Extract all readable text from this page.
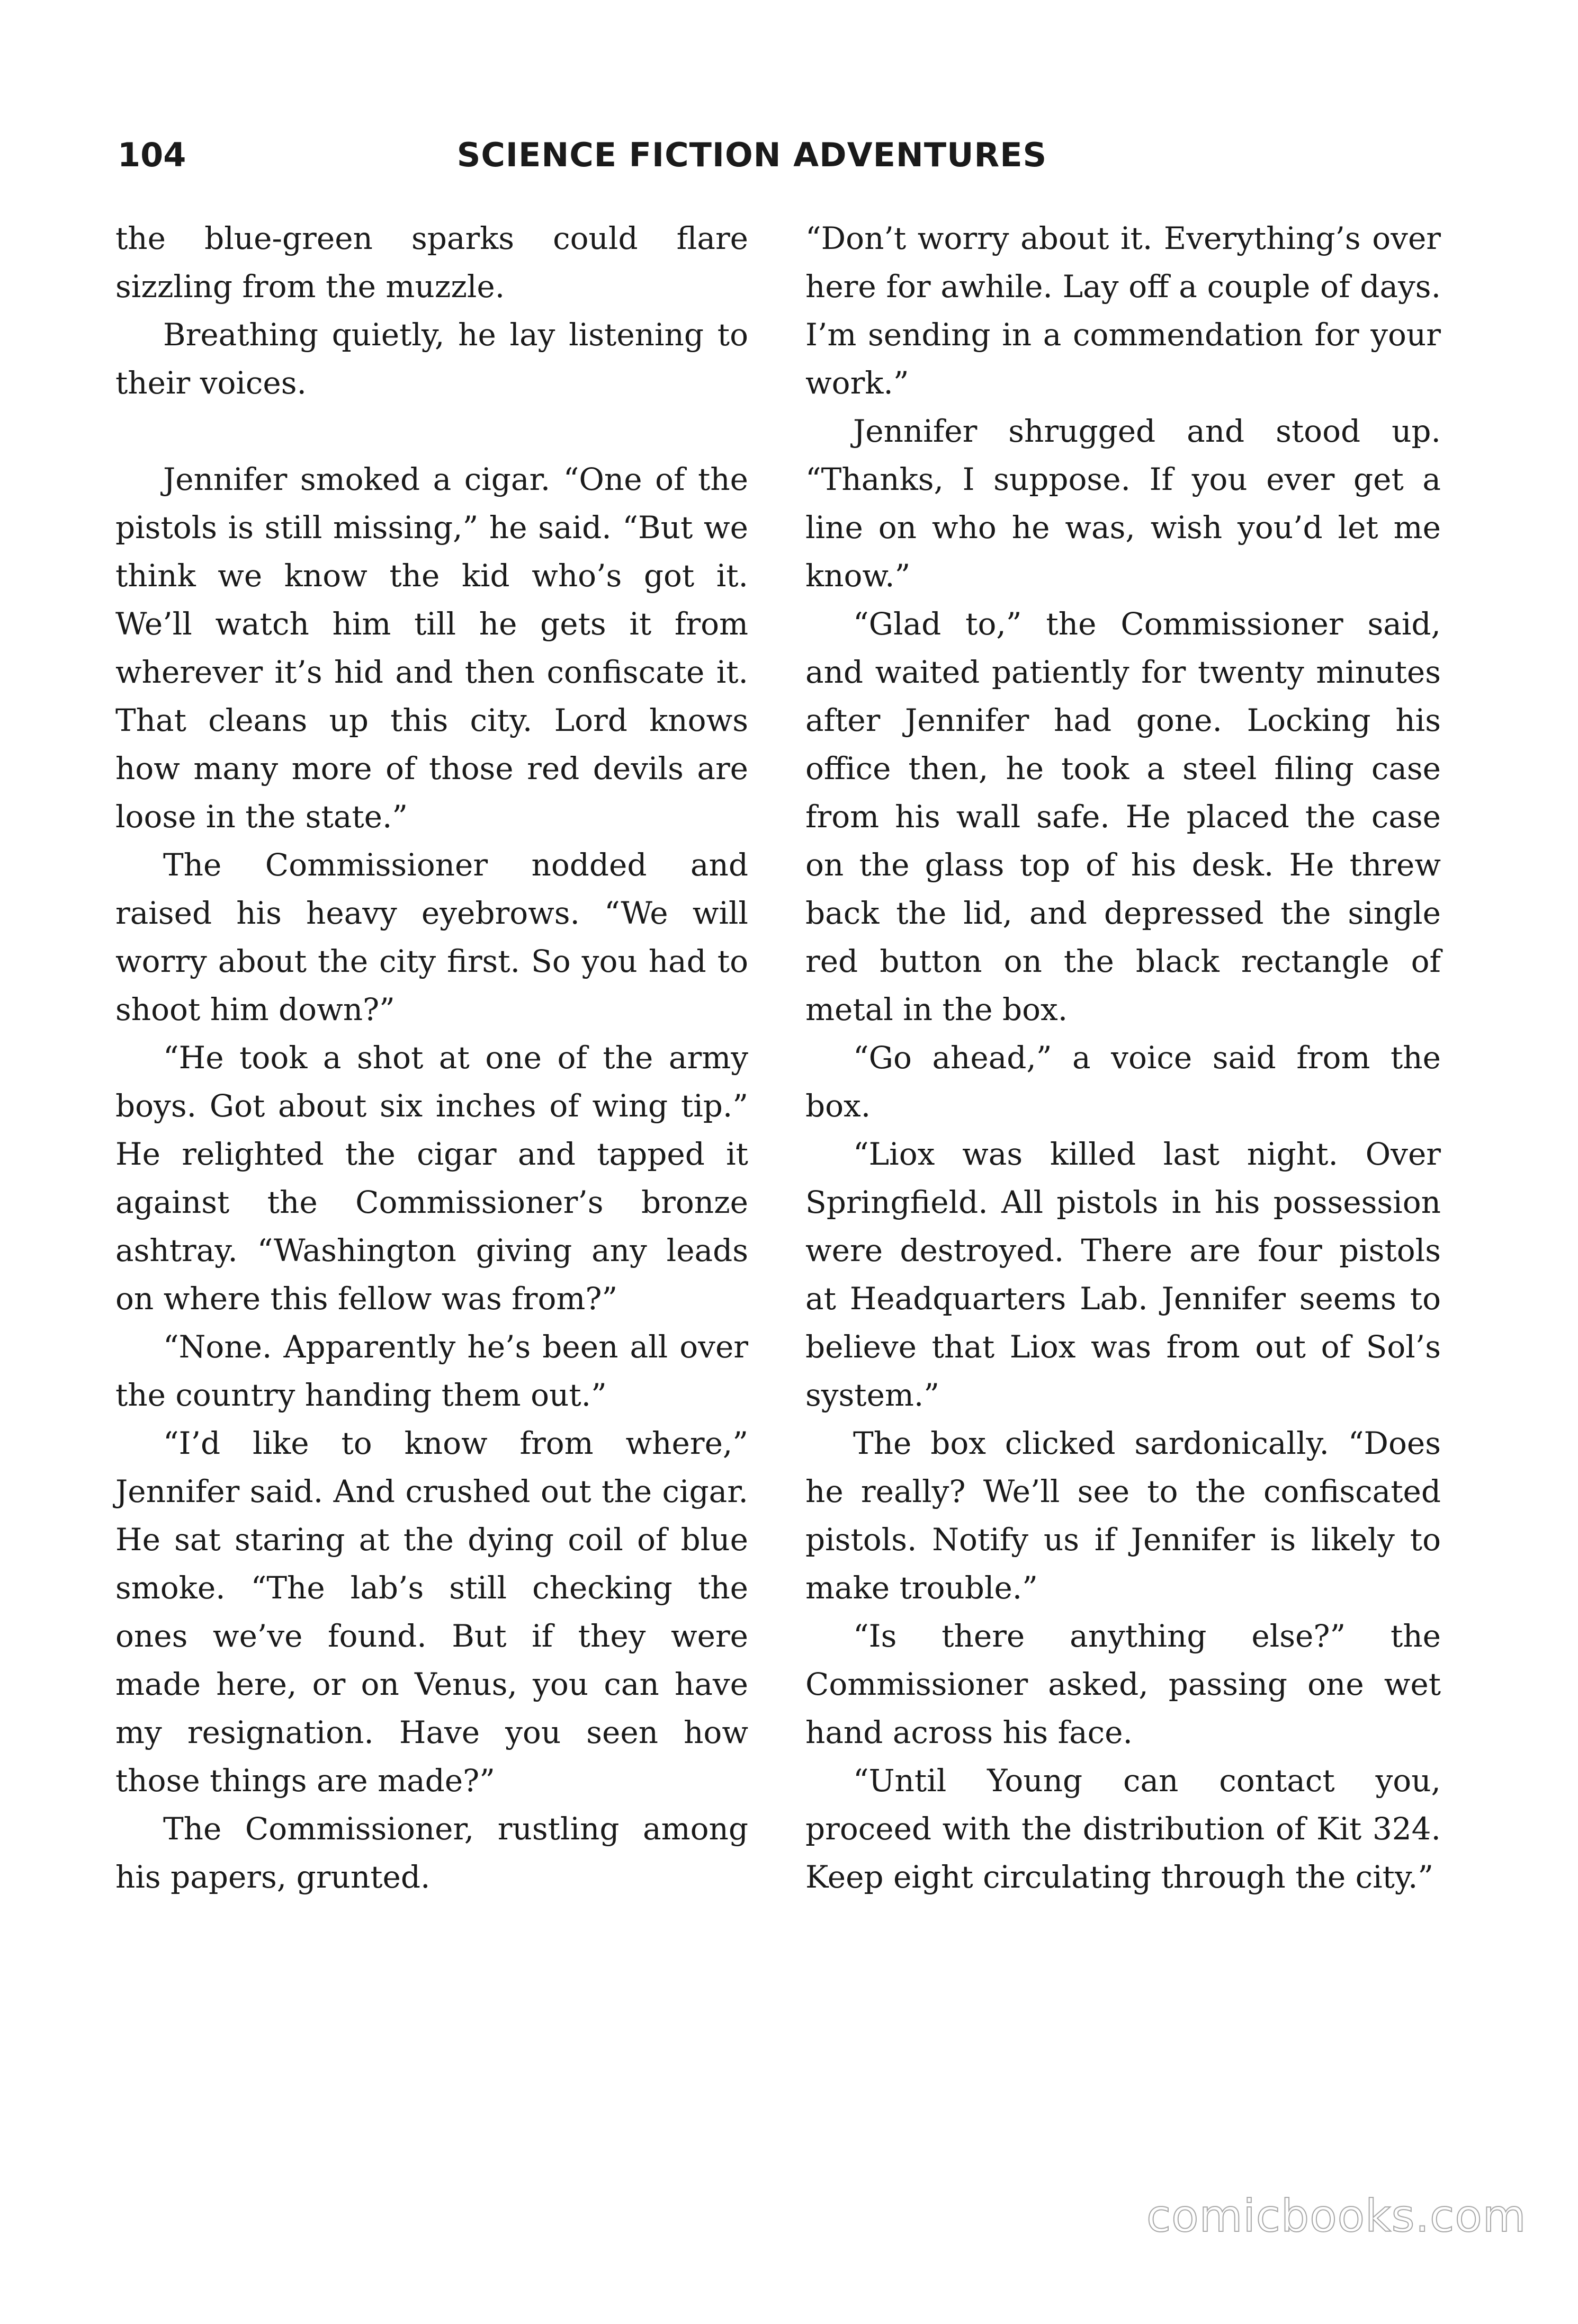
104	SCIENCE FICTION ADVENTURES

the blue-green sparks could flare sizzling from the muzzle.

Breathing quietly, he lay listening to their voices.

Jennifer smoked a cigar. “One of the pistols is still missing,” he said. “But we think we know the kid who’s got it. We’ll watch him till he gets it from wherever it’s hid and then confiscate it. That cleans up this city. Lord knows how many more of those red devils are loose in the state.”

The Commissioner nodded and raised his heavy eyebrows. “We will worry about the city first. So you had to shoot him down?”

“He took a shot at one of the army boys. Got about six inches of wing tip.” He relighted the cigar and tapped it against the Commissioner’s bronze ashtray. “Washington giving any leads on where this fellow was from?”

“None. Apparently he’s been all over the country handing them out.”

“I’d like to know from where,” Jennifer said. And crushed out the cigar. He sat staring at the dying coil of blue smoke. “The lab’s still checking the ones we’ve found. But if they were made here, or on Venus, you can have my resignation. Have you seen how those things are made?”

The Commissioner, rustling among his papers, grunted.

“Don’t worry about it. Everything’s over here for awhile. Lay off a couple of days. I’m sending in a commendation for your work.”

Jennifer shrugged and stood up. “Thanks, I suppose. If you ever get a line on who he was, wish you’d let me know.”

“Glad to,” the Commissioner said, and waited patiently for twenty minutes after Jennifer had gone. Locking his office then, he took a steel filing case from his wall safe. He placed the case on the glass top of his desk. He threw back the lid, and depressed the single red button on the black rectangle of metal in the box.

“Go ahead,” a voice said from the box.

“Liox was killed last night. Over Springfield. All pistols in his possession were destroyed. There are four pistols at Headquarters Lab. Jennifer seems to believe that Liox was from out of Sol’s system.”

The box clicked sardonically. “Does he really? We’ll see to the confiscated pistols. Notify us if Jennifer is likely to make trouble.”

“Is there anything else?” the Commissioner asked, passing one wet hand across his face.

“Until Young can contact you, proceed with the distribution of Kit 324. Keep eight circulating through the city.”

comicbooks.com
